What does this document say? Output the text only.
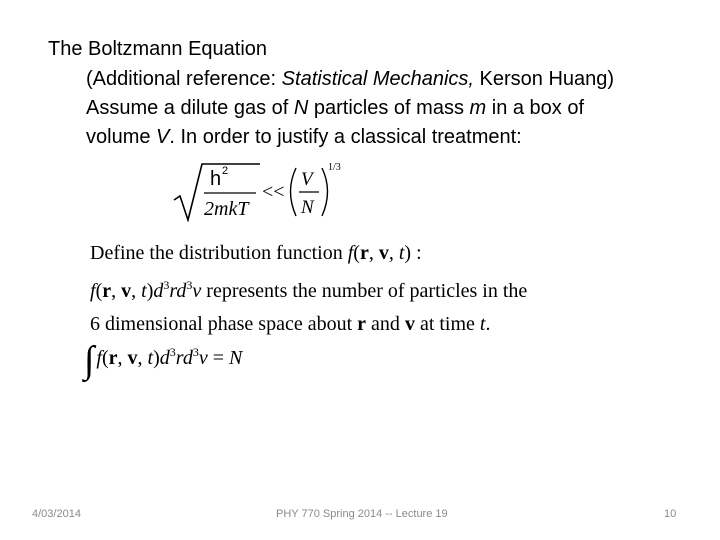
The Boltzmann Equation
(Additional reference: Statistical Mechanics, Kerson Huang)
Assume a dilute gas of N particles of mass m in a box of
volume V. In order to justify a classical treatment:
h 2
2mkT
<<
V
N
1/3
Define the distribution function f(r, v, t) :
f(r, v, $t)d^3rd^3v$ represents the number of particles in the
6 dimensional phase space about r and v at time t.
∫ f(r, v, $t)d^3rd^3v = N$
4/03/2014	PHY 770 Spring 2014 -- Lecture 19	10
